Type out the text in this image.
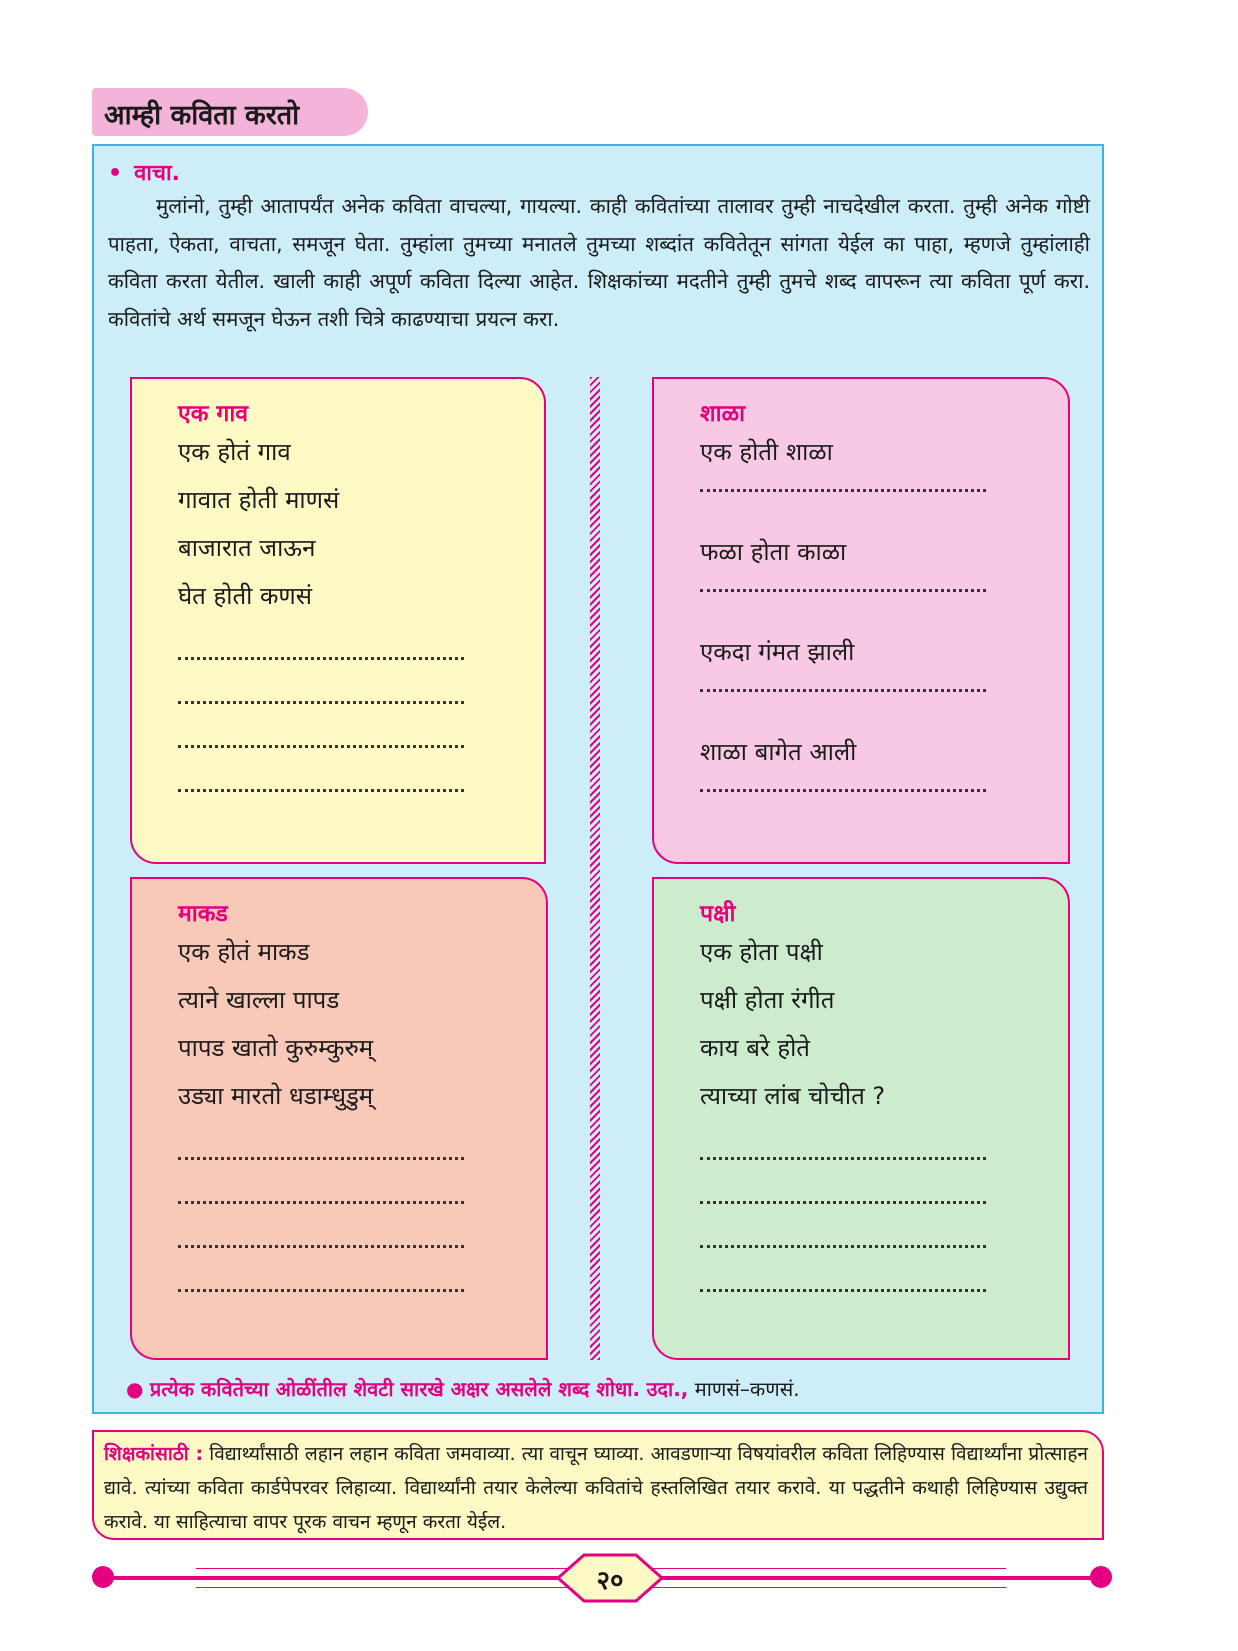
आम्ही कविता करतो
• वाचा.

मुलांनो, तुम्ही आतापर्यंत अनेक कविता वाचल्या, गायल्या. काही कवितांच्या तालावर तुम्ही नाचदेखील करता. तुम्ही अनेक गोष्टी पाहता, ऐकता, वाचता, समजून घेता. तुम्हांला तुमच्या मनातले तुमच्या शब्दांत कवितेतून सांगता येईल का पाहा, म्हणजे तुम्हांलाही कविता करता येतील. खाली काही अपूर्ण कविता दिल्या आहेत. शिक्षकांच्या मदतीने तुम्ही तुमचे शब्द वापरून त्या कविता पूर्ण करा. कवितांचे अर्थ समजून घेऊन तशी चित्रे काढण्याचा प्रयत्न करा.

एक गाव
एक होतं गाव
गावात होती माणसं
बाजारात जाऊन
घेत होती कणसं
शाळा
एक होती शाळा
फळा होता काळा
एकदा गंमत झाली
शाळा बागेत आली
माकड
एक होतं माकड
त्याने खाल्ला पापड
पापड खातो कुरुम्कुरुम्
उड्या मारतो धडाम्धुडुम्
पक्षी
एक होता पक्षी
पक्षी होता रंगीत
काय बरे होते
त्याच्या लांब चोचीत ?
● प्रत्येक कवितेच्या ओळींतील शेवटी सारखे अक्षर असलेले शब्द शोधा. उदा., माणसं–कणसं.

शिक्षकांसाठी : विद्यार्थ्यांसाठी लहान लहान कविता जमवाव्या. त्या वाचून घ्याव्या. आवडणाऱ्या विषयांवरील कविता लिहिण्यास विद्यार्थ्यांना प्रोत्साहन द्यावे. त्यांच्या कविता कार्डपेपरवर लिहाव्या. विद्यार्थ्यांनी तयार केलेल्या कवितांचे हस्तलिखित तयार करावे. या पद्धतीने कथाही लिहिण्यास उद्युक्त करावे. या साहित्याचा वापर पूरक वाचन म्हणून करता येईल.

२०
